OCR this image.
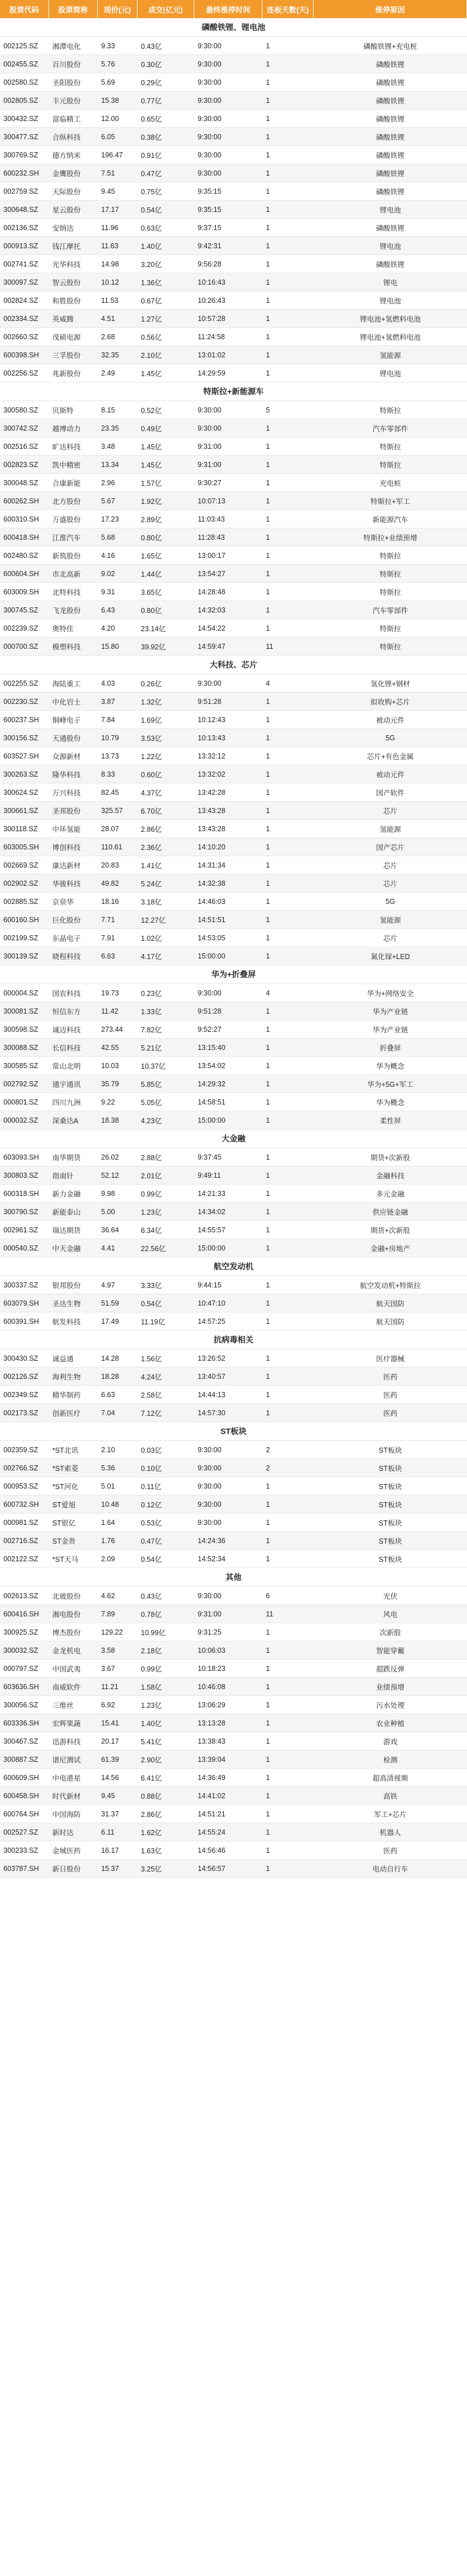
股票代码	股票简称	现价(元)	成交(亿元)	最终涨停时间	连板天数(天)	涨停原因
磷酸铁锂、锂电池
002125.SZ	湘潭电化	9.33	0.43亿	9:30:00	1	磷酸铁锂+充电桩
002455.SZ	百川股份	5.76	0.30亿	9:30:00	1	磷酸铁锂
002580.SZ	圣阳股份	5.69	0.29亿	9:30:00	1	磷酸铁锂
002805.SZ	丰元股份	15.38	0.77亿	9:30:00	1	磷酸铁锂
300432.SZ	富临精工	12.00	0.65亿	9:30:00	1	磷酸铁锂
300477.SZ	合纵科技	6.05	0.38亿	9:30:00	1	磷酸铁锂
300769.SZ	德方纳米	196.47	0.91亿	9:30:00	1	磷酸铁锂
600232.SH	金鹰股份	7.51	0.47亿	9:30:00	1	磷酸铁锂
002759.SZ	天际股份	9.45	0.75亿	9:35:15	1	磷酸铁锂
300648.SZ	星云股份	17.17	0.54亿	9:35:15	1	锂电池
002136.SZ	安纳达	11.96	0.63亿	9:37:15	1	磷酸铁锂
000913.SZ	钱江摩托	11.63	1.40亿	9:42:31	1	锂电池
002741.SZ	光华科技	14.98	3.20亿	9:56:28	1	磷酸铁锂
300097.SZ	智云股份	10.12	1.36亿	10:16:43	1	锂电
002824.SZ	和胜股份	11.53	0.67亿	10:26:43	1	锂电池
002334.SZ	英威腾	4.51	1.27亿	10:57:28	1	锂电池+氢燃料电池
002660.SZ	茂硕电源	2.68	0.56亿	11:24:58	1	锂电池+氢燃料电池
600398.SH	三孚股份	32.35	2.10亿	13:01:02	1	氢能源
002256.SZ	兆新股份	2.49	1.45亿	14:29:59	1	锂电池
特斯拉+新能源车
300580.SZ	贝斯特	8.15	0.52亿	9:30:00	5	特斯拉
300742.SZ	越博动力	23.35	0.49亿	9:30:00	1	汽车零部件
002516.SZ	旷达科技	3.48	1.45亿	9:31:00	1	特斯拉
002823.SZ	凯中精密	13.34	1.45亿	9:31:00	1	特斯拉
300048.SZ	合康新能	2.96	1.57亿	9:30:27	1	充电桩
600262.SH	北方股份	5.67	1.92亿	10:07:13	1	特斯拉+军工
600310.SH	万盛股份	17.23	2.89亿	11:03:43	1	新能源汽车
600418.SH	江淮汽车	5.68	0.80亿	11:28:43	1	特斯拉+业绩预增
002480.SZ	新筑股份	4.16	1.65亿	13:00:17	1	特斯拉
600604.SH	市北高新	9.02	1.44亿	13:54:27	1	特斯拉
603009.SH	北特科技	9.31	3.65亿	14:28:48	1	特斯拉
300745.SZ	飞龙股份	6.43	0.80亿	14:32:03	1	汽车零部件
002239.SZ	奥特佳	4.20	23.14亿	14:54:22	1	特斯拉
000700.SZ	模塑科技	15.80	39.92亿	14:59:47	11	特斯拉
大科技、芯片
002255.SZ	海陆重工	4.03	0.26亿	9:30:00	4	氢化锂+钢材
002230.SZ	中化岩土	3.87	1.32亿	9:51:28	1	拟收购+芯片
600237.SH	铜峰电子	7.84	1.69亿	10:12:43	1	被动元件
300156.SZ	天通股份	10.79	3.53亿	10:13:43	1	5G
603527.SH	众源新材	13.73	1.22亿	13:32:12	1	芯片+有色金属
300263.SZ	隆华科技	8.33	0.60亿	13:32:02	1	被动元件
300624.SZ	万兴科技	82.45	4.37亿	13:42:28	1	国产软件
300661.SZ	圣邦股份	325.57	6.70亿	13:43:28	1	芯片
300118.SZ	中环氢能	28.07	2.86亿	13:43:28	1	氢能源
603005.SH	博创科技	110.61	2.36亿	14:10:20	1	国产芯片
002669.SZ	康达新材	20.83	1.41亿	14:31:34	1	芯片
002902.SZ	华骏科技	49.82	5.24亿	14:32:38	1	芯片
002885.SZ	京泉华	18.16	3.18亿	14:46:03	1	5G
600160.SH	巨化股份	7.71	12.27亿	14:51:51	1	氢能源
002199.SZ	东晶电子	7.91	1.02亿	14:53:05	1	芯片
300139.SZ	晓程科技	6.63	4.17亿	15:00:00	1	氮化镓+LED
华为+折叠屏
000004.SZ	国农科技	19.73	0.23亿	9:30:00	4	华为+网络安全
300081.SZ	恒信东方	11.42	1.33亿	9:51:28	1	华为产业链
300598.SZ	诚迈科技	273.44	7.82亿	9:52:27	1	华为产业链
300088.SZ	长信科技	42.55	5.21亿	13:15:40	1	折叠屏
300585.SZ	常山北明	10.03	10.37亿	13:54:02	1	华为概念
002792.SZ	通宇通讯	35.79	5.85亿	14:29:32	1	华为+5G+军工
000801.SZ	四川九洲	9.22	5.05亿	14:58:51	1	华为概念
000032.SZ	深桑达A	18.38	4.23亿	15:00:00	1	柔性屏
大金融
603093.SH	南华期货	26.02	2.88亿	9:37:45	1	期货+次新股
300803.SZ	指南针	52.12	2.01亿	9:49:11	1	金融科技
600318.SH	新力金融	9.98	0.99亿	14:21:33	1	多元金融
300790.SZ	新能泰山	5.00	1.23亿	14:34:02	1	供应链金融
002961.SZ	瑞达期货	36.64	6.34亿	14:55:57	1	期货+次新股
000540.SZ	中天金融	4.41	22.56亿	15:00:00	1	金融+房地产
航空发动机
300337.SZ	银邦股份	4.97	3.33亿	9:44:15	1	航空发动机+特斯拉
603079.SH	圣达生物	51.59	0.54亿	10:47:10	1	航天国防
600391.SH	航发科技	17.49	11.19亿	14:57:25	1	航天国防
抗病毒相关
300430.SZ	诚益通	14.28	1.56亿	13:26:52	1	医疗器械
002126.SZ	海利生物	18.28	4.24亿	13:40:57	1	医药
002349.SZ	精华制药	6.63	2.58亿	14:44:13	1	医药
002173.SZ	创新医疗	7.04	7.12亿	14:57:30	1	医药
ST板块
002359.SZ	*ST北讯	2.10	0.03亿	9:30:00	2	ST板块
002766.SZ	*ST索菱	5.36	0.10亿	9:30:00	2	ST板块
000953.SZ	*ST河化	5.01	0.11亿	9:30:00	1	ST板块
600732.SH	ST爱旭	10.48	0.12亿	9:30:00	1	ST板块
000981.SZ	ST银亿	1.64	0.53亿	9:30:00	1	ST板块
002716.SZ	ST金贵	1.76	0.47亿	14:24:36	1	ST板块
002122.SZ	*ST天马	2.09	0.54亿	14:52:34	1	ST板块
其他
002613.SZ	北玻股份	4.62	0.43亿	9:30:00	6	光伏
600416.SH	湘电股份	7.89	0.78亿	9:31:00	11	风电
300925.SZ	博杰股份	129.22	10.99亿	9:31:25	1	次新股
300032.SZ	金龙机电	3.58	2.18亿	10:06:03	1	智能穿戴
000797.SZ	中国武夷	3.67	0.99亿	10:18:23	1	超跌反弹
603636.SH	南威软件	11.21	1.58亿	10:46:08	1	业绩预增
300056.SZ	三维丝	6.92	1.23亿	13:06:29	1	污水处理
603336.SH	宏辉果蔬	15.41	1.40亿	13:13:28	1	农业种植
300467.SZ	迅游科技	20.17	5.41亿	13:38:43	1	游戏
300887.SZ	谱尼测试	61.39	2.90亿	13:39:04	1	检测
600609.SH	中电港星	14.56	6.41亿	14:36:49	1	超高清视频
600458.SH	时代新材	9.45	0.88亿	14:41:02	1	高铁
600764.SH	中国海防	31.37	2.86亿	14:51:21	1	军工+芯片
002527.SZ	新时达	6.11	1.62亿	14:55:24	1	机器人
300233.SZ	金城医药	16.17	1.63亿	14:56:46	1	医药
603787.SH	新日股份	15.37	3.25亿	14:56:57	1	电动自行车
